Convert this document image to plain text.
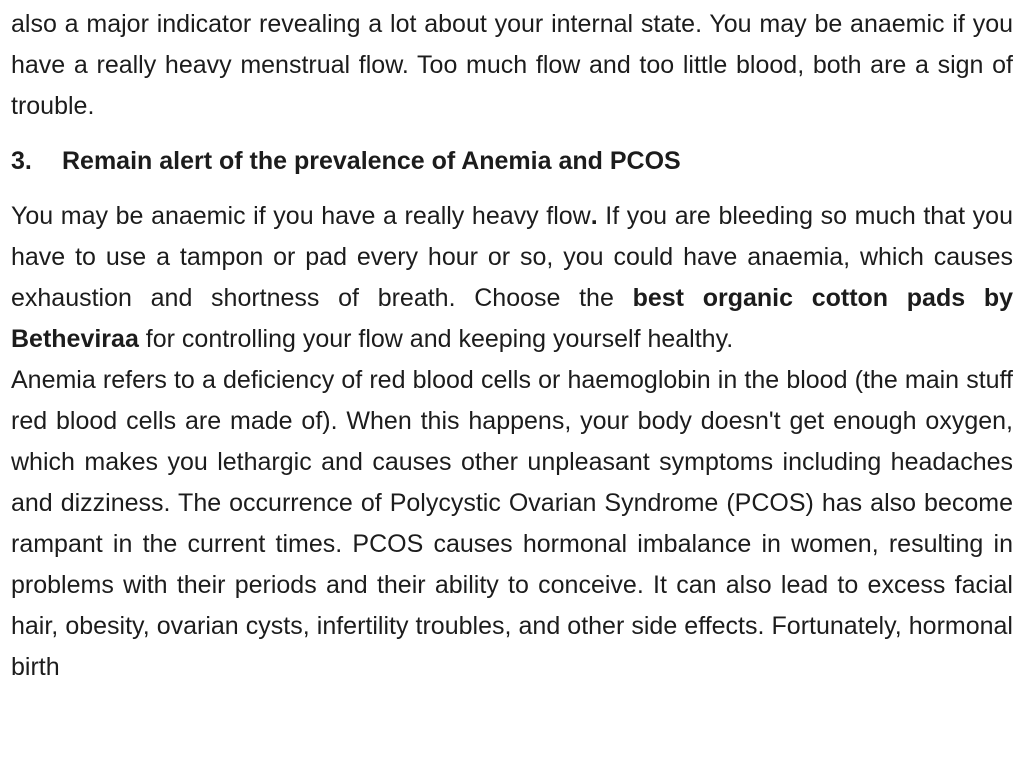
also a major indicator revealing a lot about your internal state. You may be anaemic if you have a really heavy menstrual flow. Too much flow and too little blood, both are a sign of trouble.

3.	Remain alert of the prevalence of Anemia and PCOS

You may be anaemic if you have a really heavy flow. If you are bleeding so much that you have to use a tampon or pad every hour or so, you could have anaemia, which causes exhaustion and shortness of breath. Choose the best organic cotton pads by Betheviraa for controlling your flow and keeping yourself healthy.

Anemia refers to a deficiency of red blood cells or haemoglobin in the blood (the main stuff red blood cells are made of). When this happens, your body doesn't get enough oxygen, which makes you lethargic and causes other unpleasant symptoms including headaches and dizziness. The occurrence of Polycystic Ovarian Syndrome (PCOS) has also become rampant in the current times. PCOS causes hormonal imbalance in women, resulting in problems with their periods and their ability to conceive. It can also lead to excess facial hair, obesity, ovarian cysts, infertility troubles, and other side effects. Fortunately, hormonal birth
